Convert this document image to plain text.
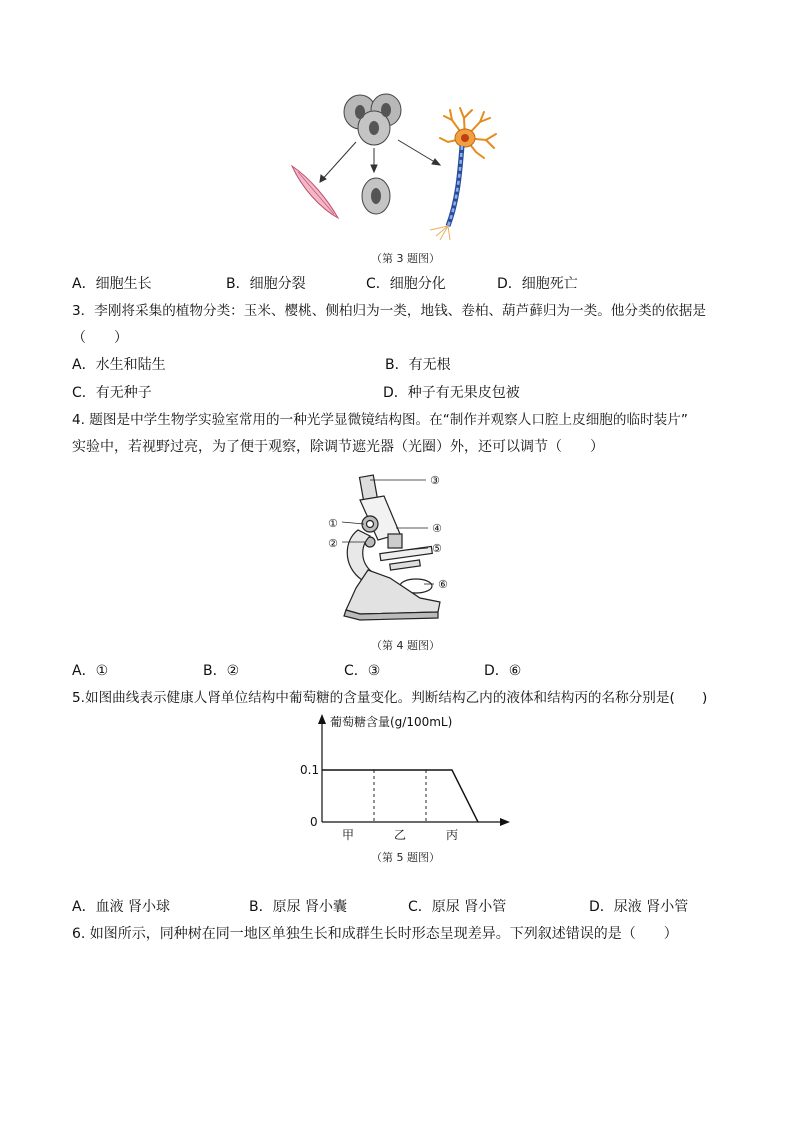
（第 3 题图）
A．细胞生长	B．细胞分裂	C．细胞分化	D．细胞死亡
3．李刚将采集的植物分类：玉米、樱桃、侧柏归为一类，地钱、卷柏、葫芦藓归为一类。他分类的依据是
（　　）
A．水生和陆生	B．有无根
C．有无种子	D．种子有无果皮包被
4. 题图是中学生物学实验室常用的一种光学显微镜结构图。在“制作并观察人口腔上皮细胞的临时装片”
实验中，若视野过亮，为了便于观察，除调节遮光器（光圈）外，还可以调节（　　）
③
①	④
②	⑤
⑥
（第 4 题图）
A．①	B．②	C．③	D．⑥
5.如图曲线表示健康人肾单位结构中葡萄糖的含量变化。判断结构乙内的液体和结构丙的名称分别是(　　)
葡萄糖含量(g/100mL)
0.1
0
甲	乙	丙
（第 5 题图）
A．血液 肾小球	B．原尿 肾小囊	C．原尿 肾小管	D．尿液 肾小管
6. 如图所示，同种树在同一地区单独生长和成群生长时形态呈现差异。下列叙述错误的是（　　）
